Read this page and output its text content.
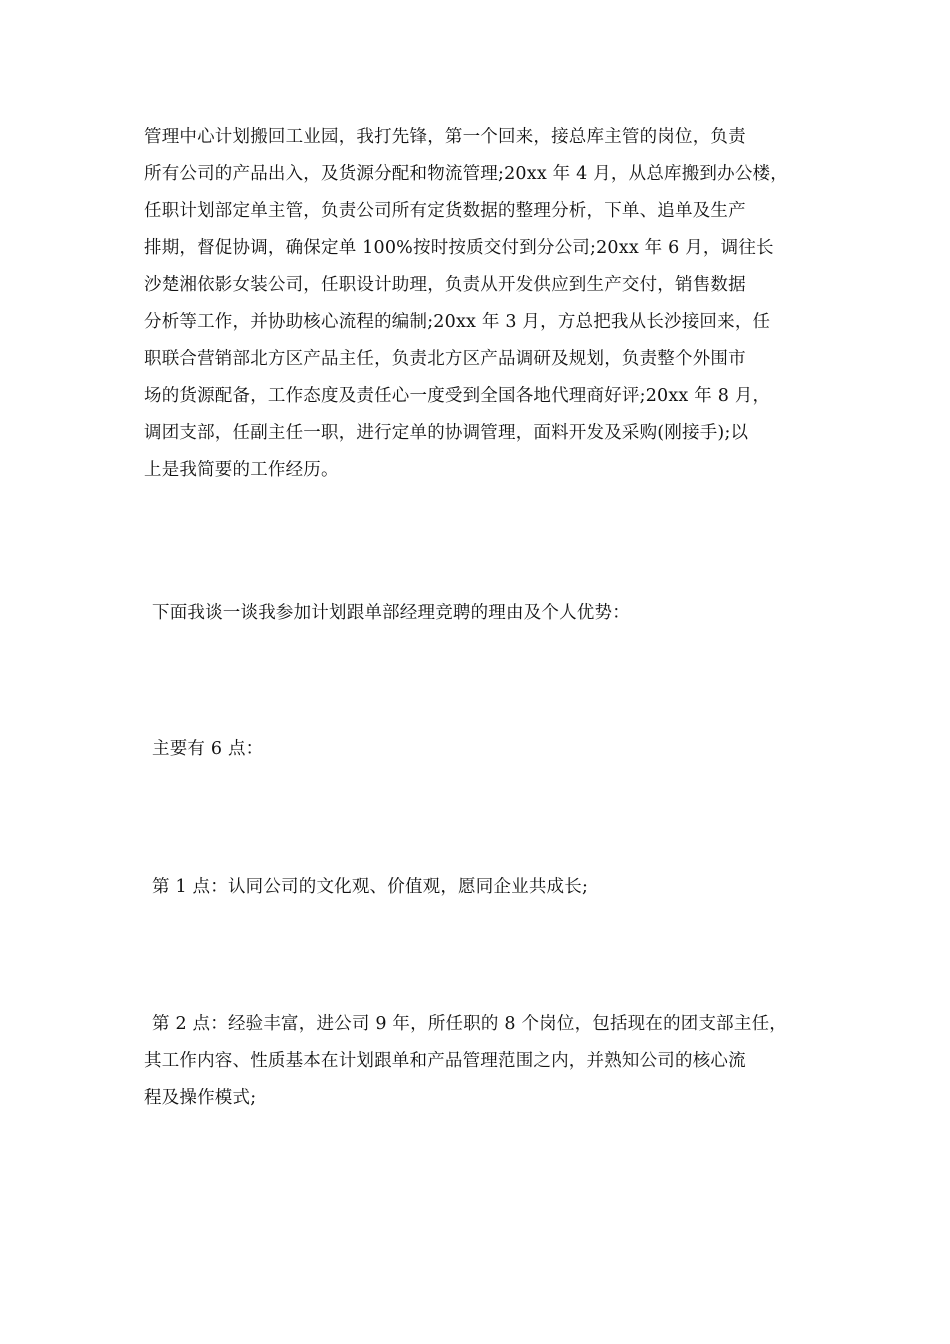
管理中心计划搬回工业园，我打先锋，第一个回来，接总库主管的岗位，负责
所有公司的产品出入，及货源分配和物流管理;20xx 年 4 月，从总库搬到办公楼，
任职计划部定单主管，负责公司所有定货数据的整理分析，下单、追单及生产
排期，督促协调，确保定单 100%按时按质交付到分公司;20xx 年 6 月，调往长
沙楚湘依影女装公司，任职设计助理，负责从开发供应到生产交付，销售数据
分析等工作，并协助核心流程的编制;20xx 年 3 月，方总把我从长沙接回来，任
职联合营销部北方区产品主任，负责北方区产品调研及规划，负责整个外围市
场的货源配备，工作态度及责任心一度受到全国各地代理商好评;20xx 年 8 月，
调团支部，任副主任一职，进行定单的协调管理，面料开发及采购(刚接手);以
上是我简要的工作经历。
下面我谈一谈我参加计划跟单部经理竞聘的理由及个人优势：
主要有 6 点：
第 1 点：认同公司的文化观、价值观，愿同企业共成长;
第 2 点：经验丰富，进公司 9 年，所任职的 8 个岗位，包括现在的团支部主任，
其工作内容、性质基本在计划跟单和产品管理范围之内，并熟知公司的核心流
程及操作模式;
